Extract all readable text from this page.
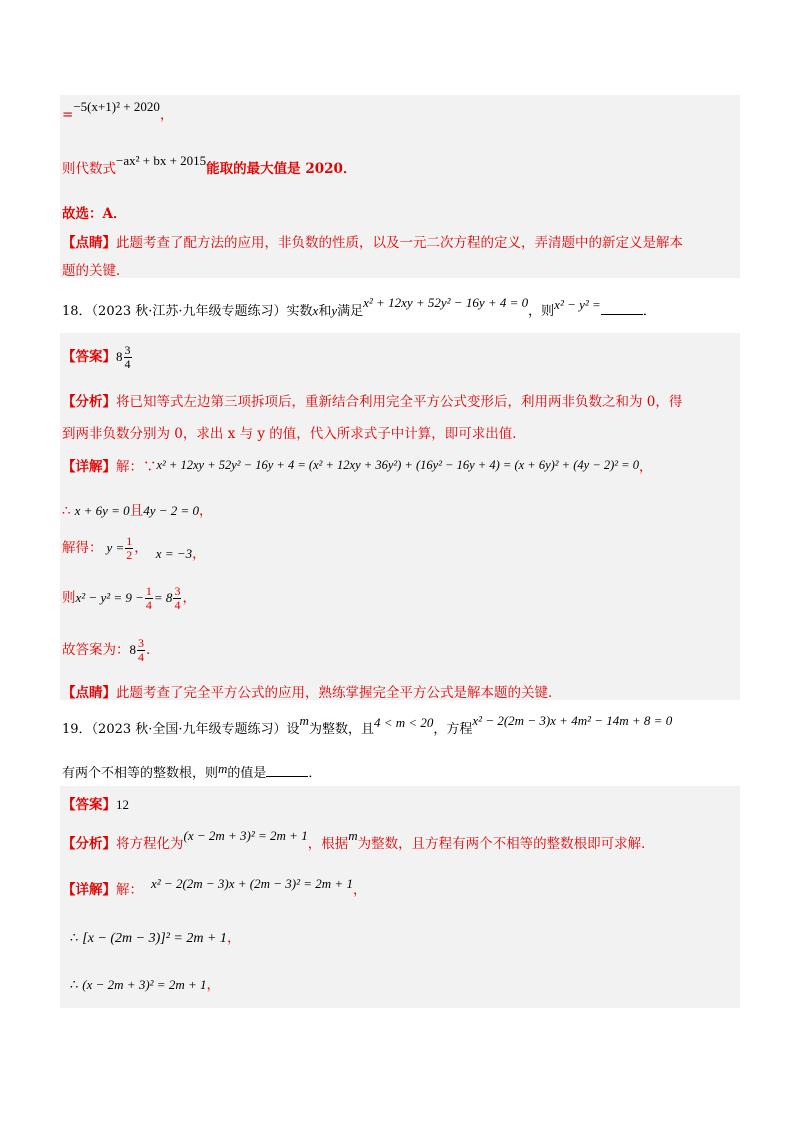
=−5(x+1)² + 2020，
则代数式−ax² + bx + 2015能取的最大值是 2020．
故选：A．
【点睛】此题考查了配方法的应用，非负数的性质，以及一元二次方程的定义，弄清题中的新定义是解本
题的关键．
18．（2023 秋·江苏·九年级专题练习）实数x和y满足x² + 12xy + 52y² − 16y + 4 = 0，则x² − y² =	．
【答案】$8 \frac{3}{4}$
【分析】将已知等式左边第三项拆项后，重新结合利用完全平方公式变形后，利用两非负数之和为 0，得
到两非负数分别为 0，求出 x 与 y 的值，代入所求式子中计算，即可求出值．
【详解】解：∵x² + 12xy + 52y² − 16y + 4 = (x² + 12xy + 36y²) + (16y² − 16y + 4) = (x + 6y)² + (4y − 2)² = 0，
∴ x + 6y = 0且4y − 2 = 0，
解得： $y = \frac{1}{2}$ ， x = −3，
则$x^2 - y^2 = 9 - \frac{1}{4} = 8 \frac{3}{4}$ ，
故答案为：$8 \frac{3}{4}$ ．
【点睛】此题考查了完全平方公式的应用，熟练掌握完全平方公式是解本题的关键．
19．（2023 秋·全国·九年级专题练习）设m为整数，且4 < m < 20，方程x² − 2(2m − 3)x + 4m² − 14m + 8 = 0
有两个不相等的整数根，则m的值是	．
【答案】12
【分析】将方程化为(x − 2m + 3)² = 2m + 1，根据m为整数，且方程有两个不相等的整数根即可求解．
【详解】解： x² − 2(2m − 3)x + (2m − 3)² = 2m + 1，
∴ [x − (2m − 3)]² = 2m + 1，
∴ (x − 2m + 3)² = 2m + 1，
